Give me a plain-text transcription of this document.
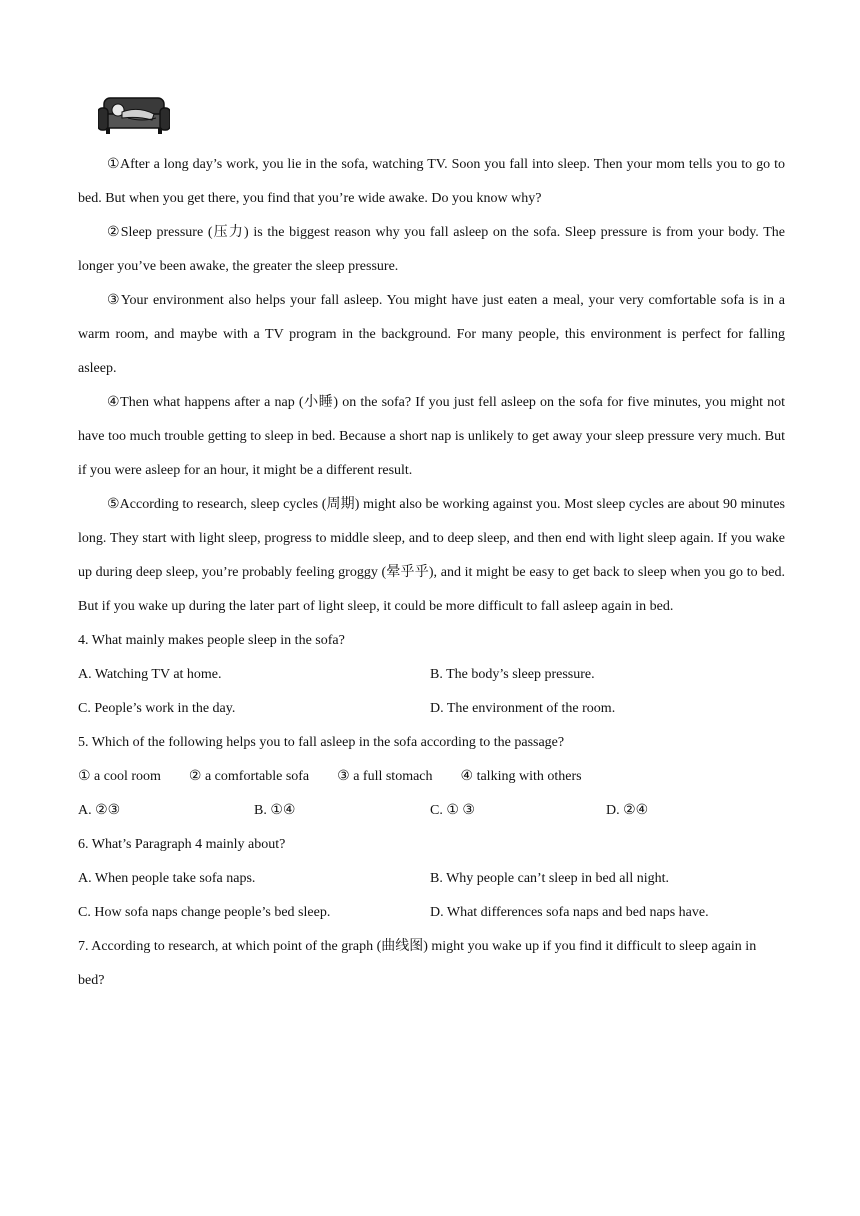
①After a long day’s work, you lie in the sofa, watching TV. Soon you fall into sleep. Then your mom tells you to go to bed. But when you get there, you find that you’re wide awake. Do you know why?

②Sleep pressure (压力) is the biggest reason why you fall asleep on the sofa. Sleep pressure is from your body. The longer you’ve been awake, the greater the sleep pressure.

③Your environment also helps your fall asleep. You might have just eaten a meal, your very comfortable sofa is in a warm room, and maybe with a TV program in the background. For many people, this environment is perfect for falling asleep.

④Then what happens after a nap (小睡) on the sofa? If you just fell asleep on the sofa for five minutes, you might not have too much trouble getting to sleep in bed. Because a short nap is unlikely to get away your sleep pressure very much. But if you were asleep for an hour, it might be a different result.

⑤According to research, sleep cycles (周期) might also be working against you. Most sleep cycles are about 90 minutes long. They start with light sleep, progress to middle sleep, and to deep sleep, and then end with light sleep again. If you wake up during deep sleep, you’re probably feeling groggy (晕乎乎), and it might be easy to get back to sleep when you go to bed. But if you wake up during the later part of light sleep, it could be more difficult to fall asleep again in bed.

4. What mainly makes people sleep in the sofa?

A. Watching TV at home.	B. The body’s sleep pressure.
C. People’s work in the day.	D. The environment of the room.

5. Which of the following helps you to fall asleep in the sofa according to the passage?

① a cool room ② a comfortable sofa ③ a full stomach ④ talking with others
A. ②③	B. ①④	C. ① ③	D. ②④

6. What’s Paragraph 4 mainly about?

A. When people take sofa naps.	B. Why people can’t sleep in bed all night.
C. How sofa naps change people’s bed sleep.	D. What differences sofa naps and bed naps have.

7. According to research, at which point of the graph (曲线图) might you wake up if you find it difficult to sleep again in bed?
